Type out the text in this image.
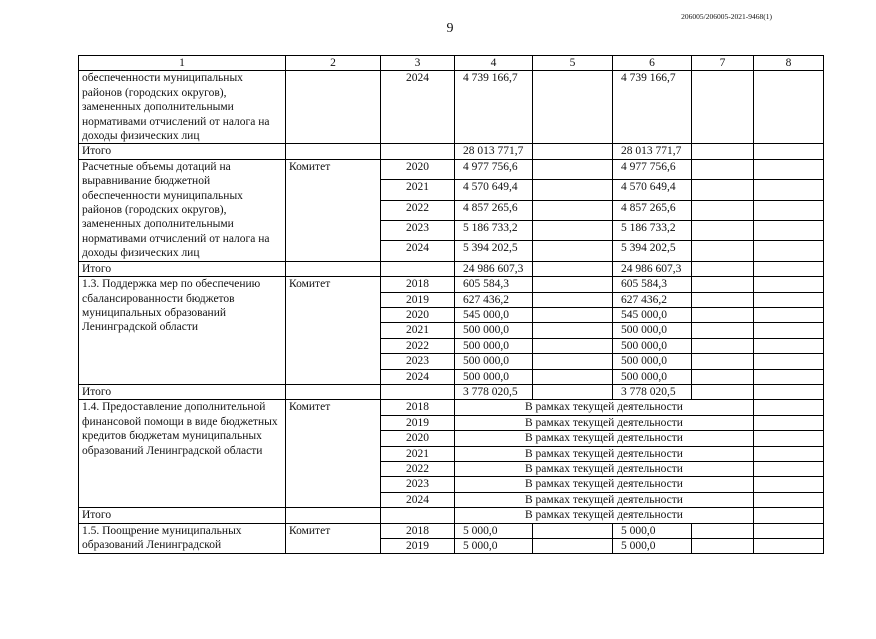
9
206005/206005-2021-9468(1)
1	2	3	4	5	6	7	8
обеспеченности муниципальных районов (городских округов), замененных дополнительными нормативами отчислений от налога на доходы физических лиц		2024	4 739 166,7		4 739 166,7		
Итого			28 013 771,7		28 013 771,7		
Расчетные объемы дотаций на выравнивание бюджетной обеспеченности муниципальных районов (городских округов), замененных дополнительными нормативами отчислений от налога на доходы физических лиц	Комитет	2020	4 977 756,6		4 977 756,6		
		2021	4 570 649,4		4 570 649,4		
		2022	4 857 265,6		4 857 265,6		
		2023	5 186 733,2		5 186 733,2		
		2024	5 394 202,5		5 394 202,5		
Итого			24 986 607,3		24 986 607,3		
1.3. Поддержка мер по обеспечению сбалансированности бюджетов муниципальных образований Ленинградской области	Комитет	2018	605 584,3		605 584,3		
		2019	627 436,2		627 436,2		
		2020	545 000,0		545 000,0		
		2021	500 000,0		500 000,0		
		2022	500 000,0		500 000,0		
		2023	500 000,0		500 000,0		
		2024	500 000,0		500 000,0		
Итого			3 778 020,5		3 778 020,5		
1.4. Предоставление дополнительной финансовой помощи в виде бюджетных кредитов бюджетам муниципальных образований Ленинградской области	Комитет	2018	В рамках текущей деятельности				
		2019	В рамках текущей деятельности				
		2020	В рамках текущей деятельности				
		2021	В рамках текущей деятельности				
		2022	В рамках текущей деятельности				
		2023	В рамках текущей деятельности				
		2024	В рамках текущей деятельности				
Итого			В рамках текущей деятельности				
1.5. Поощрение муниципальных образований Ленинградской	Комитет	2018	5 000,0		5 000,0		
		2019	5 000,0		5 000,0		
